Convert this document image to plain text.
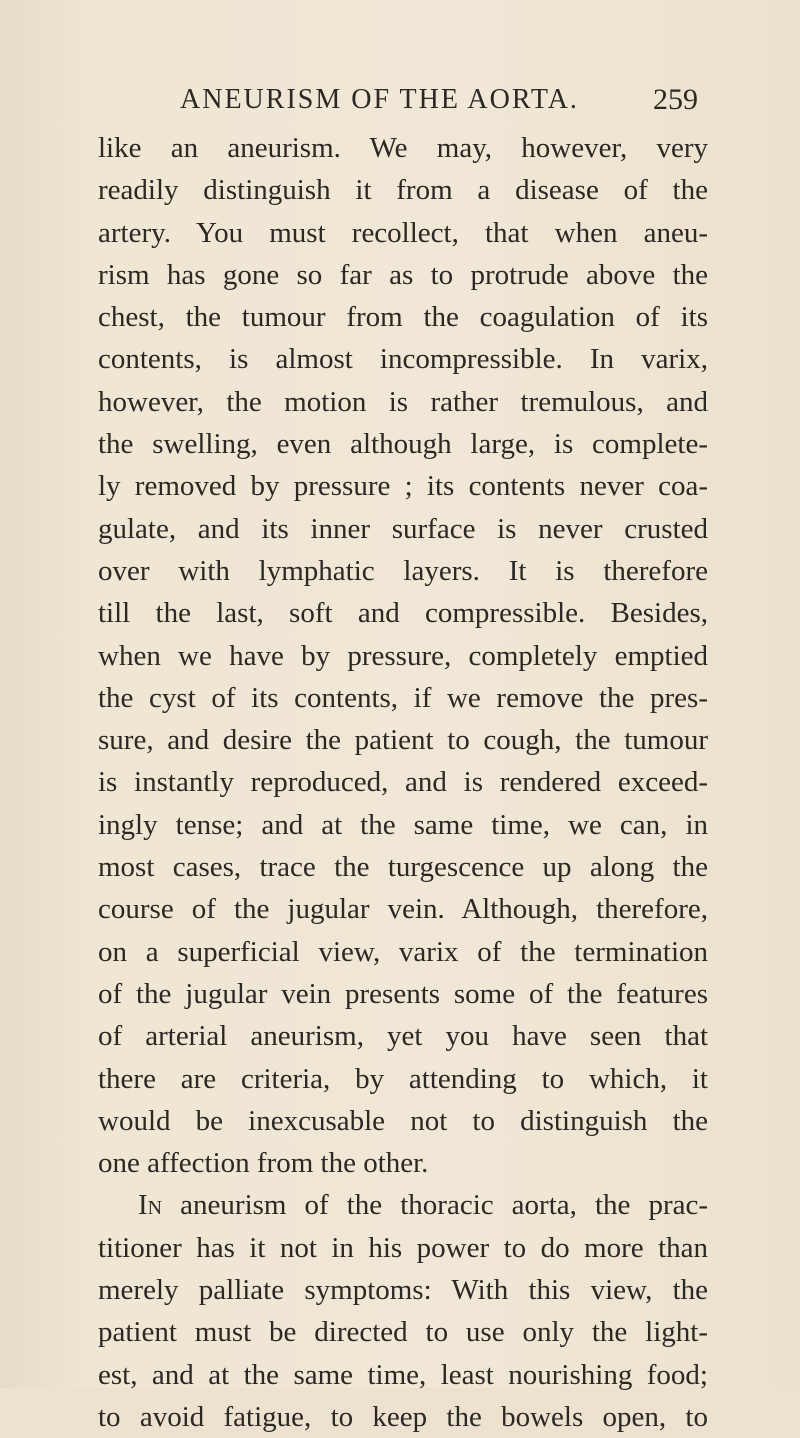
ANEURISM OF THE AORTA.	259
like an aneurism. We may, however, very
readily distinguish it from a disease of the
artery. You must recollect, that when aneu-
rism has gone so far as to protrude above the
chest, the tumour from the coagulation of its
contents, is almost incompressible. In varix,
however, the motion is rather tremulous, and
the swelling, even although large, is complete-
ly removed by pressure ; its contents never coa-
gulate, and its inner surface is never crusted
over with lymphatic layers. It is therefore
till the last, soft and compressible. Besides,
when we have by pressure, completely emptied
the cyst of its contents, if we remove the pres-
sure, and desire the patient to cough, the tumour
is instantly reproduced, and is rendered exceed-
ingly tense; and at the same time, we can, in
most cases, trace the turgescence up along the
course of the jugular vein. Although, therefore,
on a superficial view, varix of the termination
of the jugular vein presents some of the features
of arterial aneurism, yet you have seen that
there are criteria, by attending to which, it
would be inexcusable not to distinguish the
one affection from the other.
In aneurism of the thoracic aorta, the prac-
titioner has it not in his power to do more than
merely palliate symptoms: With this view, the
patient must be directed to use only the light-
est, and at the same time, least nourishing food;
to avoid fatigue, to keep the bowels open, to
